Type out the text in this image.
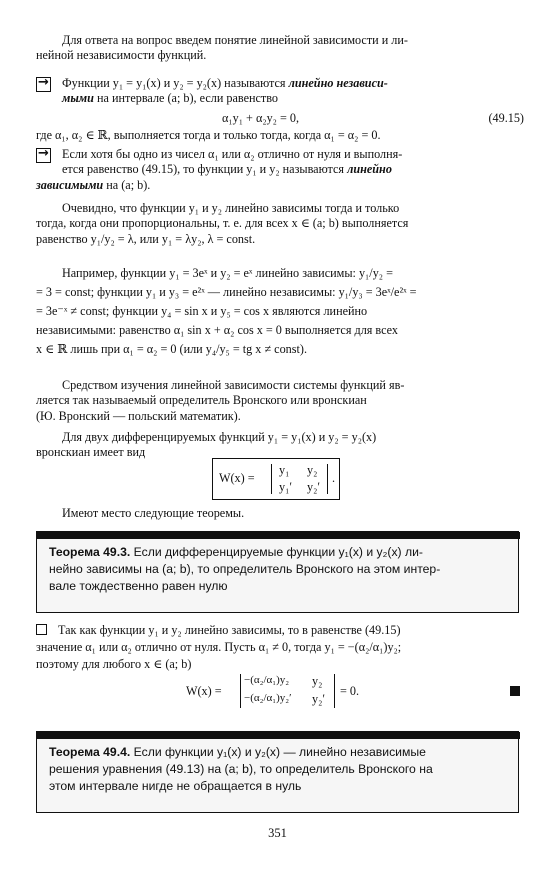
Для ответа на вопрос введем понятие линейной зависимости и ли-
нейной независимости функций.
→
Функции y₁ = y₁(x) и y₂ = y₂(x) называются линейно независи-
мыми на интервале (a; b), если равенство
α₁y₁ + α₂y₂ = 0,	(49.15)
где α₁, α₂ ∈ ℝ, выполняется тогда и только тогда, когда α₁ = α₂ = 0.
→
Если хотя бы одно из чисел α₁ или α₂ отлично от нуля и выполня-
ется равенство (49.15), то функции y₁ и y₂ называются линейно
зависимыми на (a; b).
Очевидно, что функции y₁ и y₂ линейно зависимы тогда и только
тогда, когда они пропорциональны, т. е. для всех x ∈ (a; b) выполняется
равенство y₁/y₂ = λ, или y₁ = λy₂, λ = const.
Например, функции y₁ = 3eˣ и y₂ = eˣ линейно зависимы: y₁/y₂ =
= 3 = const; функции y₁ и y₃ = e²ˣ — линейно независимы: y₁/y₃ = 3eˣ/e²ˣ =
= 3e⁻ˣ ≠ const; функции y₄ = sin x и y₅ = cos x являются линейно
независимыми: равенство α₁ sin x + α₂ cos x = 0 выполняется для всех
x ∈ ℝ лишь при α₁ = α₂ = 0 (или y₄/y₅ = tg x ≠ const).
Средством изучения линейной зависимости системы функций яв-
ляется так называемый определитель Вронского или вронскиан
(Ю. Вронский — польский математик).
Для двух дифференцируемых функций y₁ = y₁(x) и y₂ = y₂(x)
вронскиан имеет вид
W(x) =
y₁ y₂
y₁′ y₂′
.
Имеют место следующие теоремы.
Теорема 49.3. Если дифференцируемые функции y₁(x) и y₂(x) ли-
нейно зависимы на (a; b), то определитель Вронского на этом интер-
вале тождественно равен нулю
Так как функции y₁ и y₂ линейно зависимы, то в равенстве (49.15)
значение α₁ или α₂ отлично от нуля. Пусть α₁ ≠ 0, тогда y₁ = −(α₂/α₁)y₂;
поэтому для любого x ∈ (a; b)
W(x) =
−(α₂/α₁)y₂ y₂
−(α₂/α₁)y₂′ y₂′
= 0.
Теорема 49.4. Если функции y₁(x) и y₂(x) — линейно независимые
решения уравнения (49.13) на (a; b), то определитель Вронского на
этом интервале нигде не обращается в нуль
351
